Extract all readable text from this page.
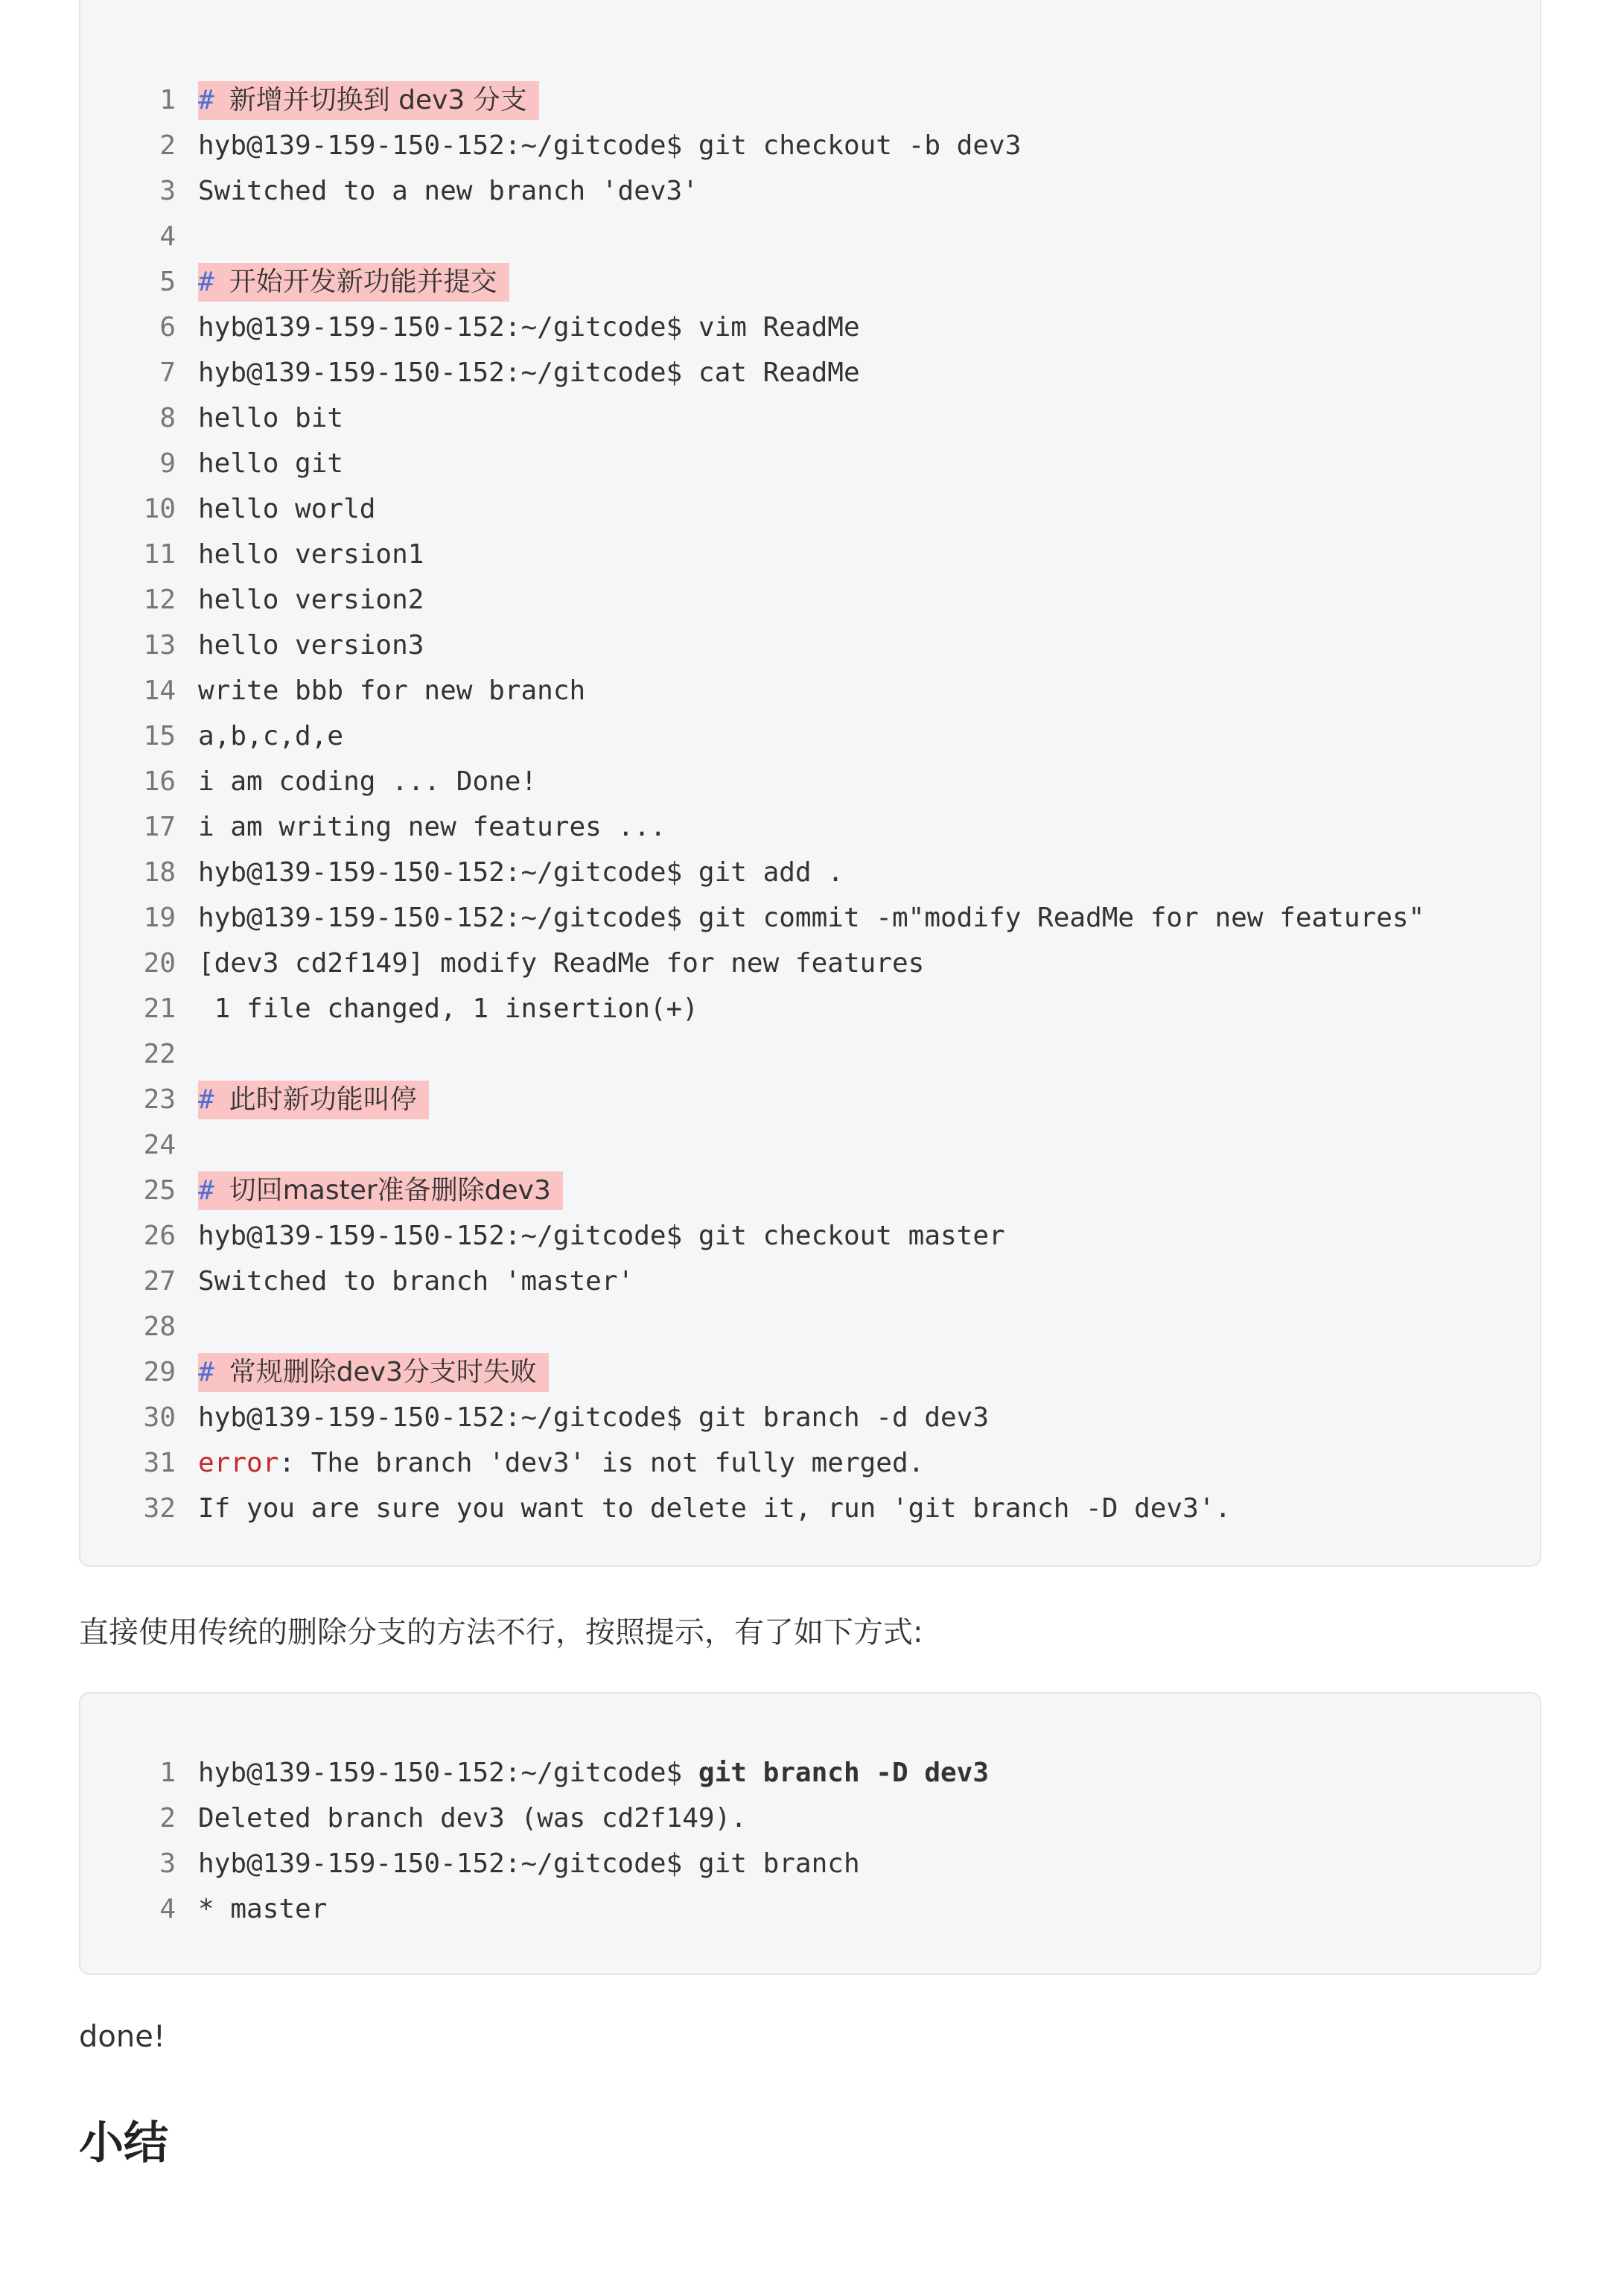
1 # 新增并切换到 dev3 分支
2 hyb@139-159-150-152:~/gitcode$ git checkout -b dev3
3 Switched to a new branch 'dev3'
4
5 # 开始开发新功能并提交
6 hyb@139-159-150-152:~/gitcode$ vim ReadMe
7 hyb@139-159-150-152:~/gitcode$ cat ReadMe
8 hello bit
9 hello git
10 hello world
11 hello version1
12 hello version2
13 hello version3
14 write bbb for new branch
15 a,b,c,d,e
16 i am coding ... Done!
17 i am writing new features ...
18 hyb@139-159-150-152:~/gitcode$ git add .
19 hyb@139-159-150-152:~/gitcode$ git commit -m"modify ReadMe for new features"
20 [dev3 cd2f149] modify ReadMe for new features
21 1 file changed, 1 insertion(+)
22
23 # 此时新功能叫停
24
25 # 切回master准备删除dev3
26 hyb@139-159-150-152:~/gitcode$ git checkout master
27 Switched to branch 'master'
28
29 # 常规删除dev3分支时失败
30 hyb@139-159-150-152:~/gitcode$ git branch -d dev3
31 error: The branch 'dev3' is not fully merged.
32 If you are sure you want to delete it, run 'git branch -D dev3'.
直接使用传统的删除分支的方法不行，按照提示，有了如下方式:
1 hyb@139-159-150-152:~/gitcode$ git branch -D dev3
2 Deleted branch dev3 (was cd2f149).
3 hyb@139-159-150-152:~/gitcode$ git branch
4 * master
done!
小结
